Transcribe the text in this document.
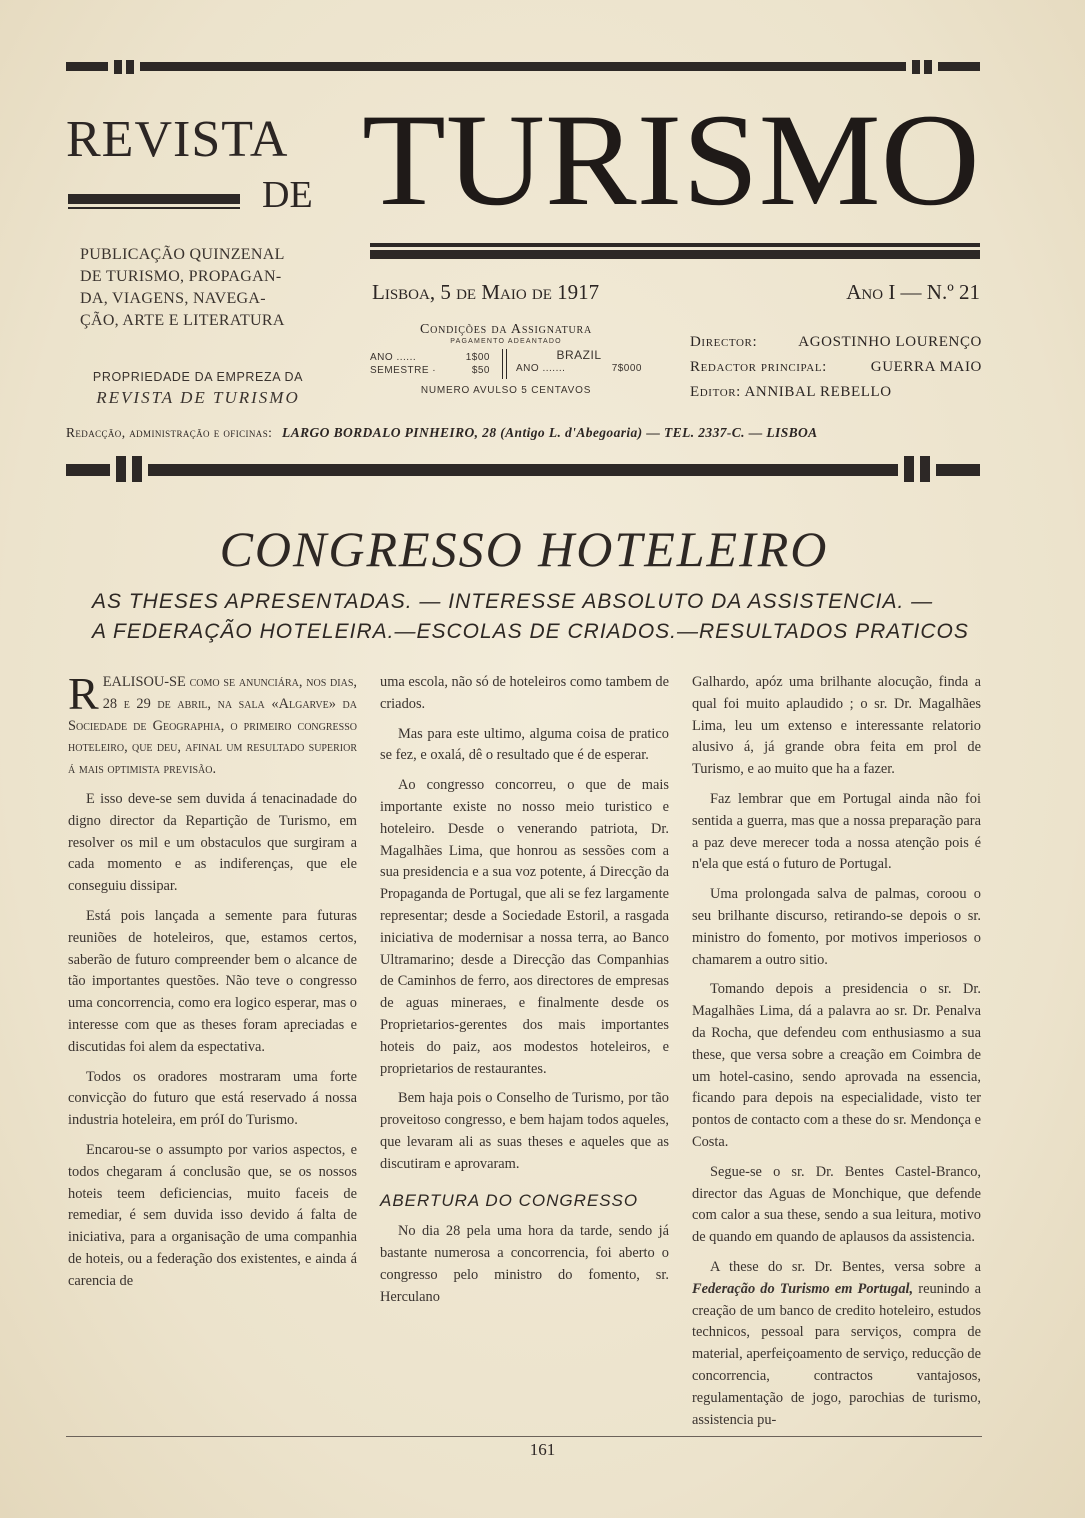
REVISTA
DE TURISMO
PUBLICAÇÃO QUINZENAL
DE TURISMO, PROPAGAN-
DA, VIAGENS, NAVEGA-
ÇÃO, ARTE E LITERATURA
PROPRIEDADE DA EMPREZA DA
REVISTA DE TURISMO
Lisboa, 5 de Maio de 1917	Ano I — N.º 21
Condições da Assignatura
PAGAMENTO ADEANTADO
ANO ......	1$00
SEMESTRE ·	$50
BRAZIL
ANO .......	7$000
NUMERO AVULSO 5 CENTAVOS
Director:	AGOSTINHO LOURENÇO
Redactor principal:	GUERRA MAIO
Editor: ANNIBAL REBELLO
Redacção, administração e oficinas: LARGO BORDALO PINHEIRO, 28 (Antigo L. d'Abegoaria) — TEL. 2337-C. — LISBOA
CONGRESSO HOTELEIRO
AS THESES APRESENTADAS. — INTERESSE ABSOLUTO DA ASSISTENCIA. —
A FEDERAÇÃO HOTELEIRA.—ESCOLAS DE CRIADOS.—RESULTADOS PRATICOS

REALISOU-SE como se anunciára, nos dias, 28 e 29 de abril, na sala «Algarve» da Sociedade de Geographia, o primeiro congresso hoteleiro, que deu, afinal um resultado superior á mais optimista previsão.

E isso deve-se sem duvida á tenacinadade do digno director da Repartição de Turismo, em resolver os mil e um obstaculos que surgiram a cada momento e as indiferenças, que ele conseguiu dissipar.

Está pois lançada a semente para futuras reuniões de hoteleiros, que, estamos certos, saberão de futuro compreender bem o alcance de tão importantes questões. Não teve o congresso uma concorrencia, como era logico esperar, mas o interesse com que as theses foram apreciadas e discutidas foi alem da espectativa.

Todos os oradores mostraram uma forte convicção do futuro que está reservado á nossa industria hoteleira, em próI do Turismo.

Encarou-se o assumpto por varios aspectos, e todos chegaram á conclusão que, se os nossos hoteis teem deficiencias, muito faceis de remediar, é sem duvida isso devido á falta de iniciativa, para a organisação de uma companhia de hoteis, ou a federação dos existentes, e ainda á carencia de

uma escola, não só de hoteleiros como tambem de criados.

Mas para este ultimo, alguma coisa de pratico se fez, e oxalá, dê o resultado que é de esperar.

Ao congresso concorreu, o que de mais importante existe no nosso meio turistico e hoteleiro. Desde o venerando patriota, Dr. Magalhães Lima, que honrou as sessões com a sua presidencia e a sua voz potente, á Direcção da Propaganda de Portugal, que ali se fez largamente representar; desde a Sociedade Estoril, a rasgada iniciativa de modernisar a nossa terra, ao Banco Ultramarino; desde a Direcção das Companhias de Caminhos de ferro, aos directores de empresas de aguas mineraes, e finalmente desde os Proprietarios-gerentes dos mais importantes hoteis do paiz, aos modestos hoteleiros, e proprietarios de restaurantes.

Bem haja pois o Conselho de Turismo, por tão proveitoso congresso, e bem hajam todos aqueles, que levaram ali as suas theses e aqueles que as discutiram e aprovaram.

ABERTURA DO CONGRESSO

No dia 28 pela uma hora da tarde, sendo já bastante numerosa a concorrencia, foi aberto o congresso pelo ministro do fomento, sr. Herculano

Galhardo, apóz uma brilhante alocução, finda a qual foi muito aplaudido ; o sr. Dr. Magalhães Lima, leu um extenso e interessante relatorio alusivo á, já grande obra feita em prol de Turismo, e ao muito que ha a fazer.

Faz lembrar que em Portugal ainda não foi sentida a guerra, mas que a nossa preparação para a paz deve merecer toda a nossa atenção pois é n'ela que está o futuro de Portugal.

Uma prolongada salva de palmas, coroou o seu brilhante discurso, retirando-se depois o sr. ministro do fomento, por motivos imperiosos o chamarem a outro sitio.

Tomando depois a presidencia o sr. Dr. Magalhães Lima, dá a palavra ao sr. Dr. Penalva da Rocha, que defendeu com enthusiasmo a sua these, que versa sobre a creação em Coimbra de um hotel-casino, sendo aprovada na essencia, ficando para depois na especialidade, visto ter pontos de contacto com a these do sr. Mendonça e Costa.

Segue-se o sr. Dr. Bentes Castel-Branco, director das Aguas de Monchique, que defende com calor a sua these, sendo a sua leitura, motivo de quando em quando de aplausos da assistencia.

A these do sr. Dr. Bentes, versa sobre a Federação do Turismo em Portugal, reunindo a creação de um banco de credito hoteleiro, estudos technicos, pessoal para serviços, compra de material, aperfeiçoamento de serviço, reducção de concorrencia, contractos vantajosos, regulamentação de jogo, parochias de turismo, assistencia pu-

161
